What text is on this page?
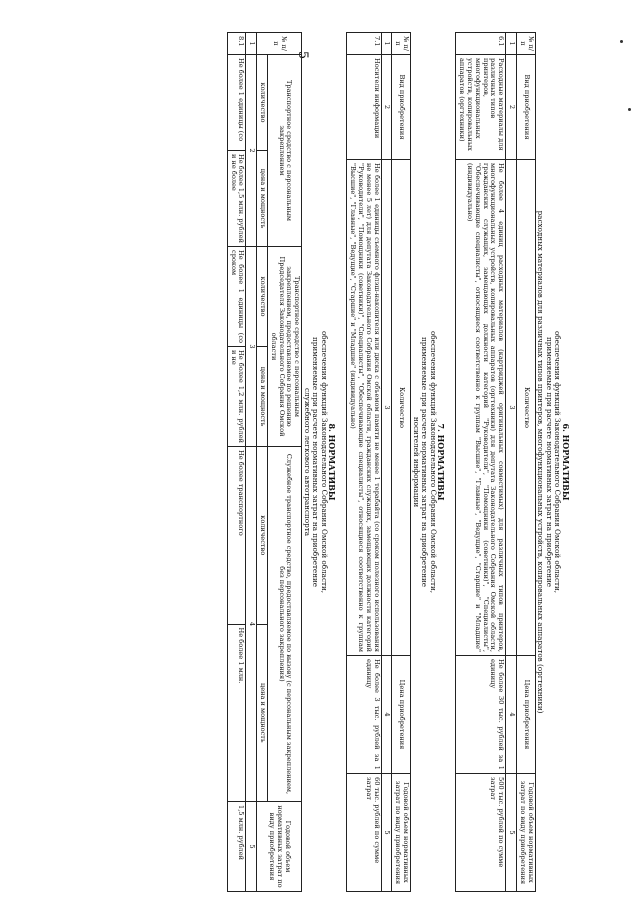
5
6. НОРМАТИВЫ
обеспечения функций Законодательного Собрания Омской области,
применяемые при расчете нормативных затрат на приобретение
расходных материалов для различных типов принтеров, многофункциональных устройств, копировальных аппаратов (оргтехники)
№ п/п	Вид приобретения	Количество	Цена приобретения	Годовой объем нормативных затрат по виду приобретения
1	2	3	4	5
6.1	Расходные материалы для различных типов принтеров, многофункциональных устройств, копировальных аппаратов (оргтехники)	Не более 4 единиц расходных материалов (картриджей оригинальных совместимых) для различных типов принтеров, многофункциональных устройств, копировальных аппаратов (оргтехники) для депутата Законодательного Собрания Омской области, гражданских служащих, замещающих должности категорий "Руководители", "Помощники (советники)", "Специалисты", "Обеспечивающие специалисты", относящиеся соответственно к группам "Высшие", "Главные", "Ведущие", "Старшие" и "Младшие" (индивидуально)	Не более 30 тыс. рублей за 1 единицу	500 тыс. рублей по сумме затрат
7. НОРМАТИВЫ
обеспечения функций Законодательного Собрания Омской области,
применяемые при расчете нормативных затрат на приобретение
носителей информации
№ п/п	Вид приобретения	Количество	Цена приобретения	Годовой объем нормативных затрат по виду приобретения
1	2	3	4	5
7.1	Носители информации	Не более 1 единицы съемного флэш-накопителя или диска с объемом памяти не менее 1 терабайта (со сроком полезного использования не менее 5 лет) для депутата Законодательного Собрания Омской области, гражданских служащих, замещающих должности категорий "Руководители", "Помощники (советники)", "Специалисты", "Обеспечивающие специалисты", относящиеся соответственно к группам "Высшие", "Главные", "Ведущие", "Старшие" и "Младшие" (индивидуально)	Не более 3 тыс. рублей за 1 единицу	60 тыс. рублей по сумме затрат
8. НОРМАТИВЫ
обеспечения функций Законодательного Собрания Омской области,
применяемые при расчете нормативных затрат на приобретение
служебного легкового автотранспорта
№ п/п	Транспортное средство с персональным закреплением		Транспортное средство с персональным закреплением, предоставляемое по решению Председателя Законодательного Собрания Омской области		Служебное транспортное средство, предоставляемое по вызову (с персональным закреплением, без персонального закрепления)		Годовой объем нормативных затрат по виду приобретения
	количество	цена и мощность	количество	цена и мощность	количество	цена и мощность	
1	2		3		4		5
8.1	Не более 1 единицы (со	Не более 1,5 млн. рублей и не более	Не более 1 единицы (со сроком	Не более 1,2 млн. рублей и не	Не более транспортного	Не более 1 млн.	1,5 млн. рублей
